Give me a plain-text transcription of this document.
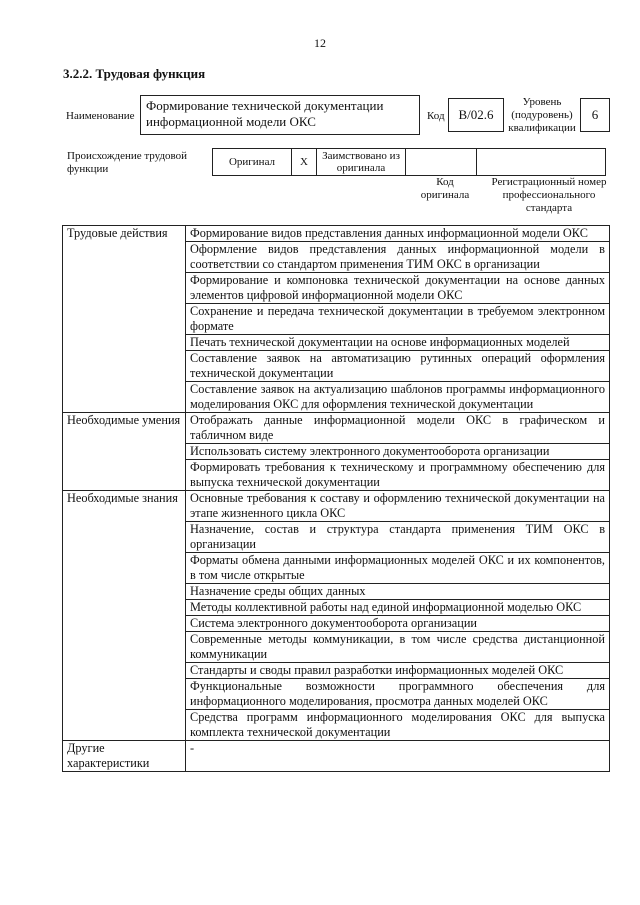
12
3.2.2. Трудовая функция
Наименование
Формирование технической документации информационной модели ОКС	Код	B/02.6
Уровень (подуровень) квалификации
6
Происхождение трудовой функции
Оригинал	X	Заимствовано из оригинала		
Код оригинала
Регистрационный номер профессионального стандарта
Трудовые действия	Формирование видов представления данных информационной модели ОКС
	Оформление видов представления данных информационной модели в соответствии со стандартом применения ТИМ ОКС в организации
	Формирование и компоновка технической документации на основе данных элементов цифровой информационной модели ОКС
	Сохранение и передача технической документации в требуемом электронном формате
	Печать технической документации на основе информационных моделей
	Составление заявок на автоматизацию рутинных операций оформления технической документации
	Составление заявок на актуализацию шаблонов программы информационного моделирования ОКС для оформления технической документации
Необходимые умения	Отображать данные информационной модели ОКС в графическом и табличном виде
	Использовать систему электронного документооборота организации
	Формировать требования к техническому и программному обеспечению для выпуска технической документации
Необходимые знания	Основные требования к составу и оформлению технической документации на этапе жизненного цикла ОКС
	Назначение, состав и структура стандарта применения ТИМ ОКС в организации
	Форматы обмена данными информационных моделей ОКС и их компонентов, в том числе открытые
	Назначение среды общих данных
	Методы коллективной работы над единой информационной моделью ОКС
	Система электронного документооборота организации
	Современные методы коммуникации, в том числе средства дистанционной коммуникации
	Стандарты и своды правил разработки информационных моделей ОКС
	Функциональные возможности программного обеспечения для информационного моделирования, просмотра данных моделей ОКС
	Средства программ информационного моделирования ОКС для выпуска комплекта технической документации
Другие характеристики	-
